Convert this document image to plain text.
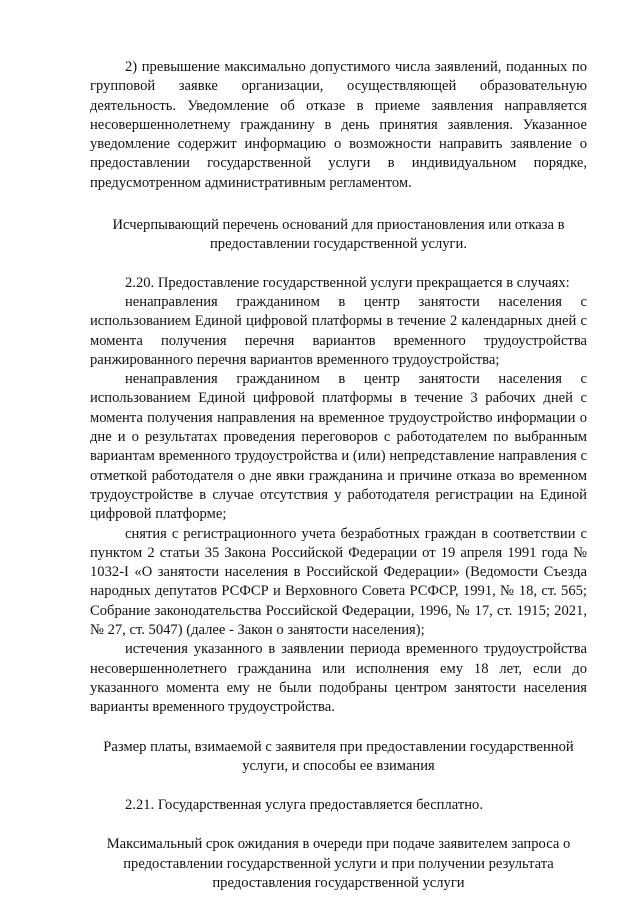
2) превышение максимально допустимого числа заявлений, поданных по групповой заявке организации, осуществляющей образовательную деятельность. Уведомление об отказе в приеме заявления направляется несовершеннолетнему гражданину в день принятия заявления. Указанное уведомление содержит информацию о возможности направить заявление о предоставлении государственной услуги в индивидуальном порядке, предусмотренном административным регламентом.

Исчерпывающий перечень оснований для приостановления или отказа в предоставлении государственной услуги.

2.20. Предоставление государственной услуги прекращается в случаях:

ненаправления гражданином в центр занятости населения с использованием Единой цифровой платформы в течение 2 календарных дней с момента получения перечня вариантов временного трудоустройства ранжированного перечня вариантов временного трудоустройства;

ненаправления гражданином в центр занятости населения с использованием Единой цифровой платформы в течение 3 рабочих дней с момента получения направления на временное трудоустройство информации о дне и о результатах проведения переговоров с работодателем по выбранным вариантам временного трудоустройства и (или) непредставление направления с отметкой работодателя о дне явки гражданина и причине отказа во временном трудоустройстве в случае отсутствия у работодателя регистрации на Единой цифровой платформе;

снятия с регистрационного учета безработных граждан в соответствии с пунктом 2 статьи 35 Закона Российской Федерации от 19 апреля 1991 года № 1032-I «О занятости населения в Российской Федерации» (Ведомости Съезда народных депутатов РСФСР и Верховного Совета РСФСР, 1991, № 18, ст. 565; Собрание законодательства Российской Федерации, 1996, № 17, ст. 1915; 2021, № 27, ст. 5047) (далее - Закон о занятости населения);

истечения указанного в заявлении периода временного трудоустройства несовершеннолетнего гражданина или исполнения ему 18 лет, если до указанного момента ему не были подобраны центром занятости населения варианты временного трудоустройства.

Размер платы, взимаемой с заявителя при предоставлении государственной услуги, и способы ее взимания

2.21. Государственная услуга предоставляется бесплатно.

Максимальный срок ожидания в очереди при подаче заявителем запроса о предоставлении государственной услуги и при получении результата предоставления государственной услуги
